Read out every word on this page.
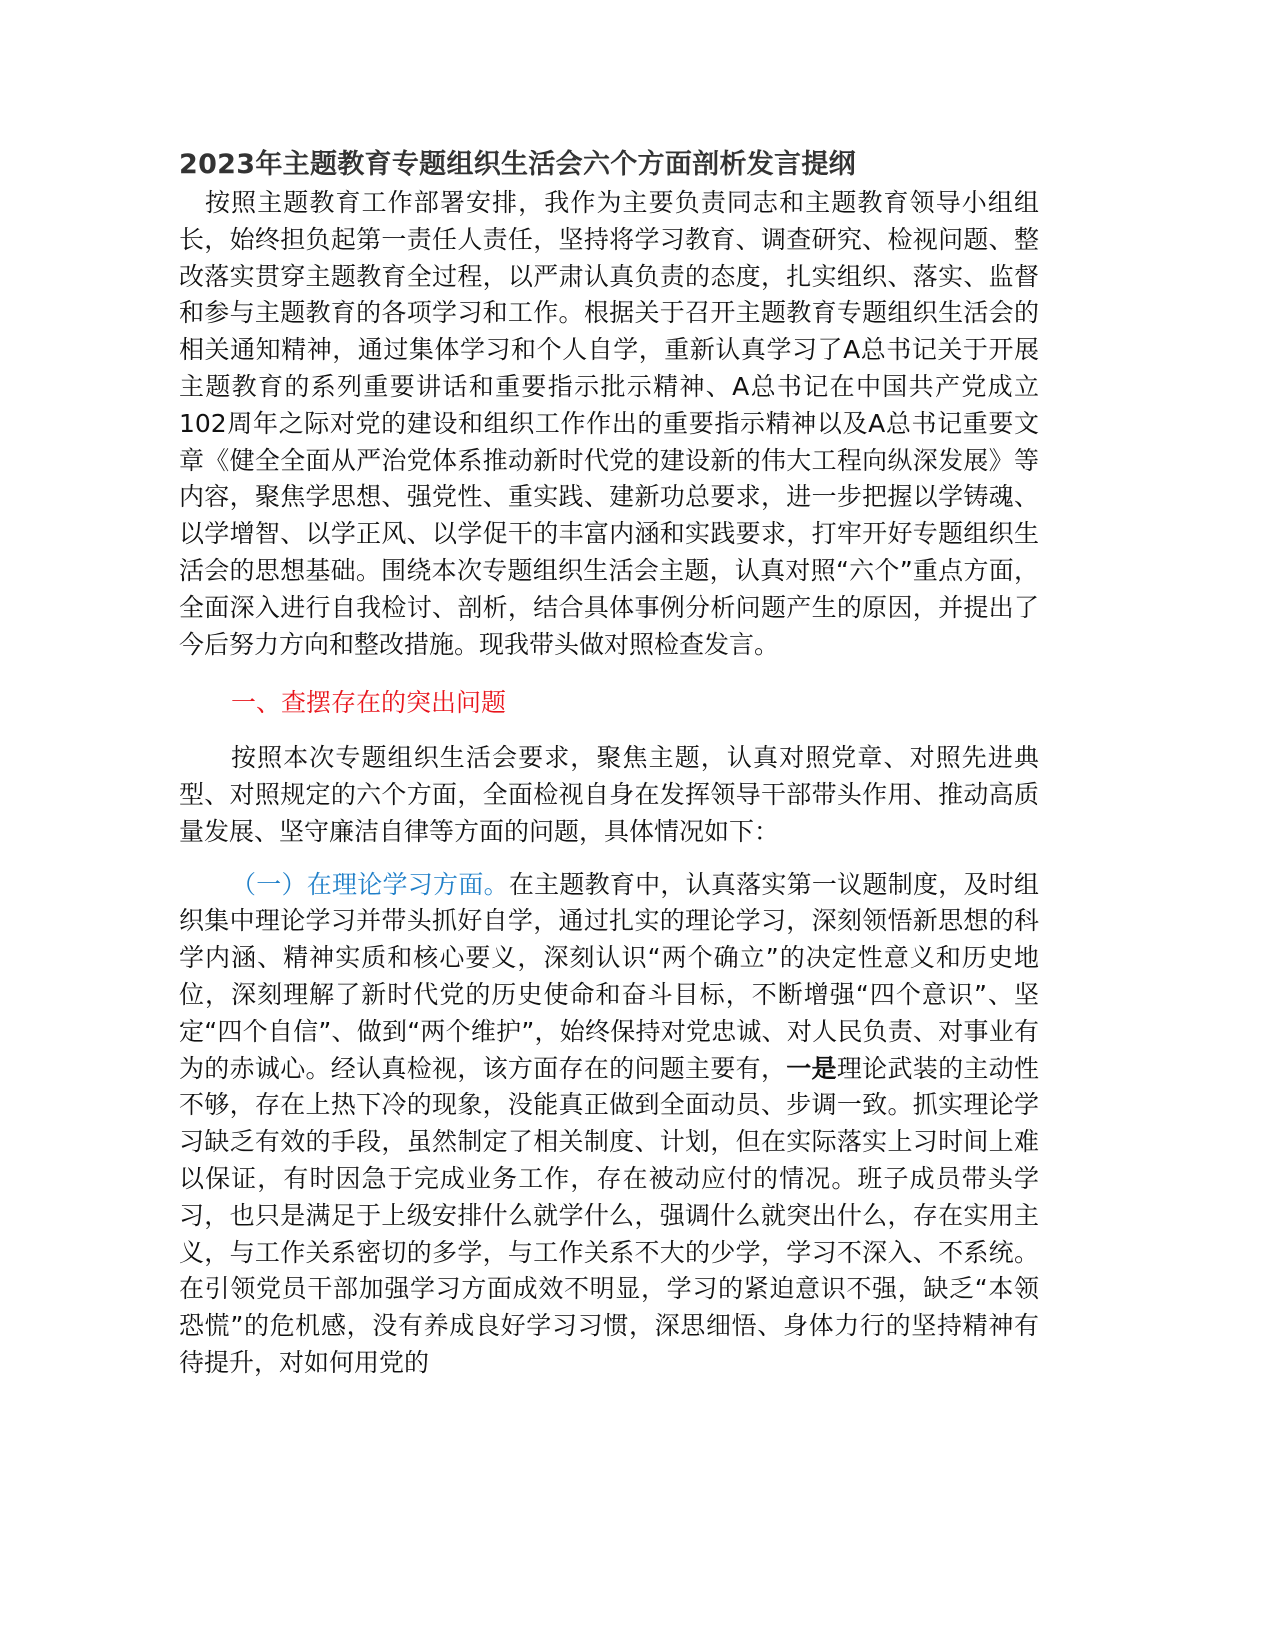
2023年主题教育专题组织生活会六个方面剖析发言提纲

按照主题教育工作部署安排，我作为主要负责同志和主题教育领导小组组长，始终担负起第一责任人责任，坚持将学习教育、调查研究、检视问题、整改落实贯穿主题教育全过程，以严肃认真负责的态度，扎实组织、落实、监督和参与主题教育的各项学习和工作。根据关于召开主题教育专题组织生活会的相关通知精神，通过集体学习和个人自学，重新认真学习了A总书记关于开展主题教育的系列重要讲话和重要指示批示精神、A总书记在中国共产党成立102周年之际对党的建设和组织工作作出的重要指示精神以及A总书记重要文章《健全全面从严治党体系推动新时代党的建设新的伟大工程向纵深发展》等内容，聚焦学思想、强党性、重实践、建新功总要求，进一步把握以学铸魂、以学增智、以学正风、以学促干的丰富内涵和实践要求，打牢开好专题组织生活会的思想基础。围绕本次专题组织生活会主题，认真对照“六个”重点方面，全面深入进行自我检讨、剖析，结合具体事例分析问题产生的原因，并提出了今后努力方向和整改措施。现我带头做对照检查发言。

一、查摆存在的突出问题

按照本次专题组织生活会要求，聚焦主题，认真对照党章、对照先进典型、对照规定的六个方面，全面检视自身在发挥领导干部带头作用、推动高质量发展、坚守廉洁自律等方面的问题，具体情况如下：

（一）在理论学习方面。在主题教育中，认真落实第一议题制度，及时组织集中理论学习并带头抓好自学，通过扎实的理论学习，深刻领悟新思想的科学内涵、精神实质和核心要义，深刻认识“两个确立”的决定性意义和历史地位，深刻理解了新时代党的历史使命和奋斗目标，不断增强“四个意识”、坚定“四个自信”、做到“两个维护”，始终保持对党忠诚、对人民负责、对事业有为的赤诚心。经认真检视，该方面存在的问题主要有，一是理论武装的主动性不够，存在上热下冷的现象，没能真正做到全面动员、步调一致。抓实理论学习缺乏有效的手段，虽然制定了相关制度、计划，但在实际落实上习时间上难以保证，有时因急于完成业务工作，存在被动应付的情况。班子成员带头学习，也只是满足于上级安排什么就学什么，强调什么就突出什么，存在实用主义，与工作关系密切的多学，与工作关系不大的少学，学习不深入、不系统。在引领党员干部加强学习方面成效不明显，学习的紧迫意识不强，缺乏“本领恐慌”的危机感，没有养成良好学习习惯，深思细悟、身体力行的坚持精神有待提升，对如何用党的
